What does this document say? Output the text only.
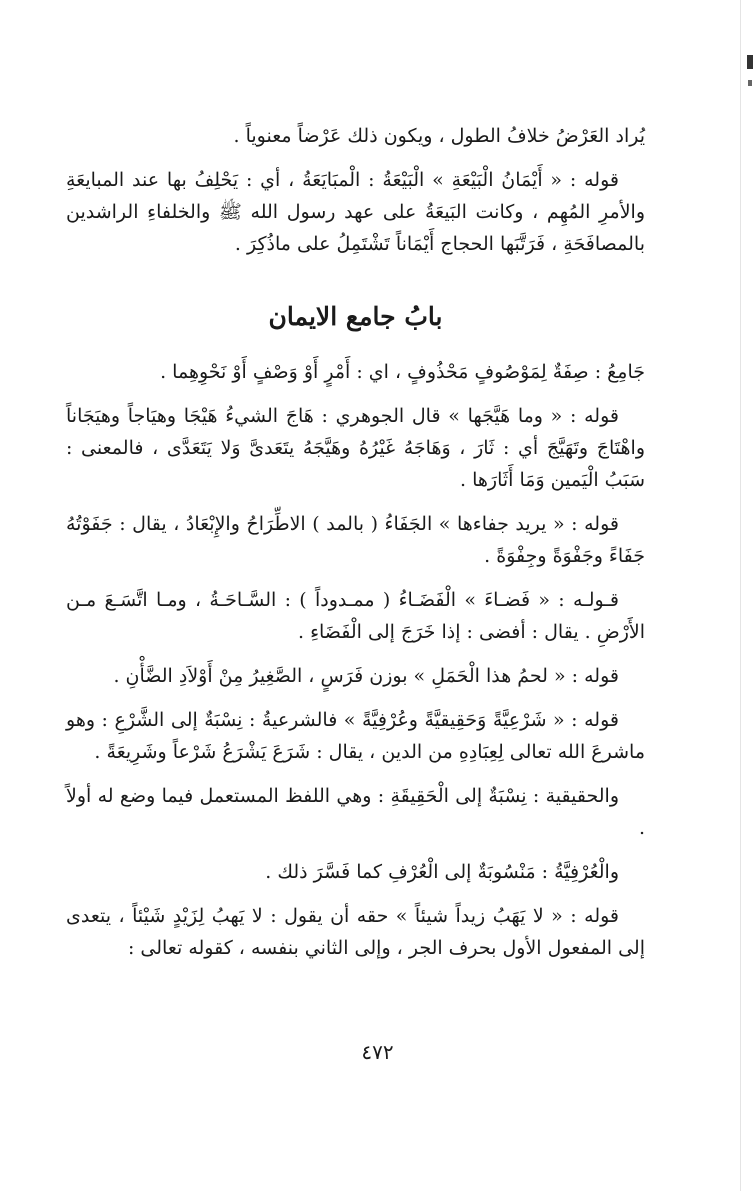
يُراد العَرْضُ خلافُ الطول ، ويكون ذلك عَرْضاً معنوياً .

قوله : « أَيْمَانُ الْبَيْعَةِ » الْبَيْعَةُ : الْمبَايَعَةُ ، أي : يَحْلِفُ بها عند المبايعَةِ والأمرِ المُهِم ، وكانت البَيعَةُ على عهد رسول الله ﷺ والخلفاءِ الراشدين بالمصافَحَةِ ، فَرَتَّبَها الحجاج أَيْمَاناً تَشْتَمِلُ على ماذُكِرَ .

بابُ جامع الايمان

جَامِعُ : صِفَةٌ لِمَوْصُوفٍ مَحْذُوفٍ ، اي : أَمْرٍ أَوْ وَصْفٍ أَوْ نَحْوِهِما .

قوله : « وما هَيَّجَها » قال الجوهري : هَاجَ الشيءُ هَيْجَا وهيَاجاً وهيَجَاناً واهْتَاجَ وتَهَيَّجَ أي : ثَارَ ، وَهَاجَهُ غَيْرُهُ وهَيَّجَهُ يتَعَدىَّ وَلا يَتَعَدَّى ، فالمعنى : سَبَبُ الْيَمين وَمَا أَثَارَها .

قوله : « يريد جفاءها » الجَفَاءُ ( بالمد ) الاطِّرَاحُ والإِبْعَادُ ، يقال : جَفَوْتُهُ جَفَاءً وجَفْوَةً وجِفْوَةً .

قـولـه : « فَضـاءَ » الْفَضَـاءُ ( ممـدوداً ) : السَّـاحَـةُ ، ومـا اتَّسَـعَ مـن الأَرْضِ . يقال : أفضى : إذا خَرَجَ إلى الْفَضَاءِ .

قوله : « لحمُ هذا الْحَمَلِ » بوزن فَرَسٍ ، الصَّغِيرُ مِنْ أَوْلاَدِ الضَّأْنِ .

قوله : « شَرْعِيَّةً وَحَقِيقيَّةً وعُرْفِيَّةً » فالشرعيةُ : نِسْبَةٌ إلى الشَّرْعِ : وهو ماشرعَ الله تعالى لِعِبَادِهِ من الدين ، يقال : شَرَعَ يَشْرَعُ شَرْعاً وشَرِيعَةً .

والحقيقية : نِسْبَةٌ إلى الْحَقِيقَةِ : وهي اللفظ المستعمل فيما وضع له أولاً .

والْعُرْفِيَّةُ : مَنْسُوبَةٌ إلى الْعُرْفِ كما فَسَّرَ ذلك .

قوله : « لا يَهَبُ زيداً شيئاً » حقه أن يقول : لا يَهبُ لِزَيْدٍ شَيْئاً ، يتعدى إلى المفعول الأول بحرف الجر ، وإلى الثاني بنفسه ، كقوله تعالى :

٤٧٢
